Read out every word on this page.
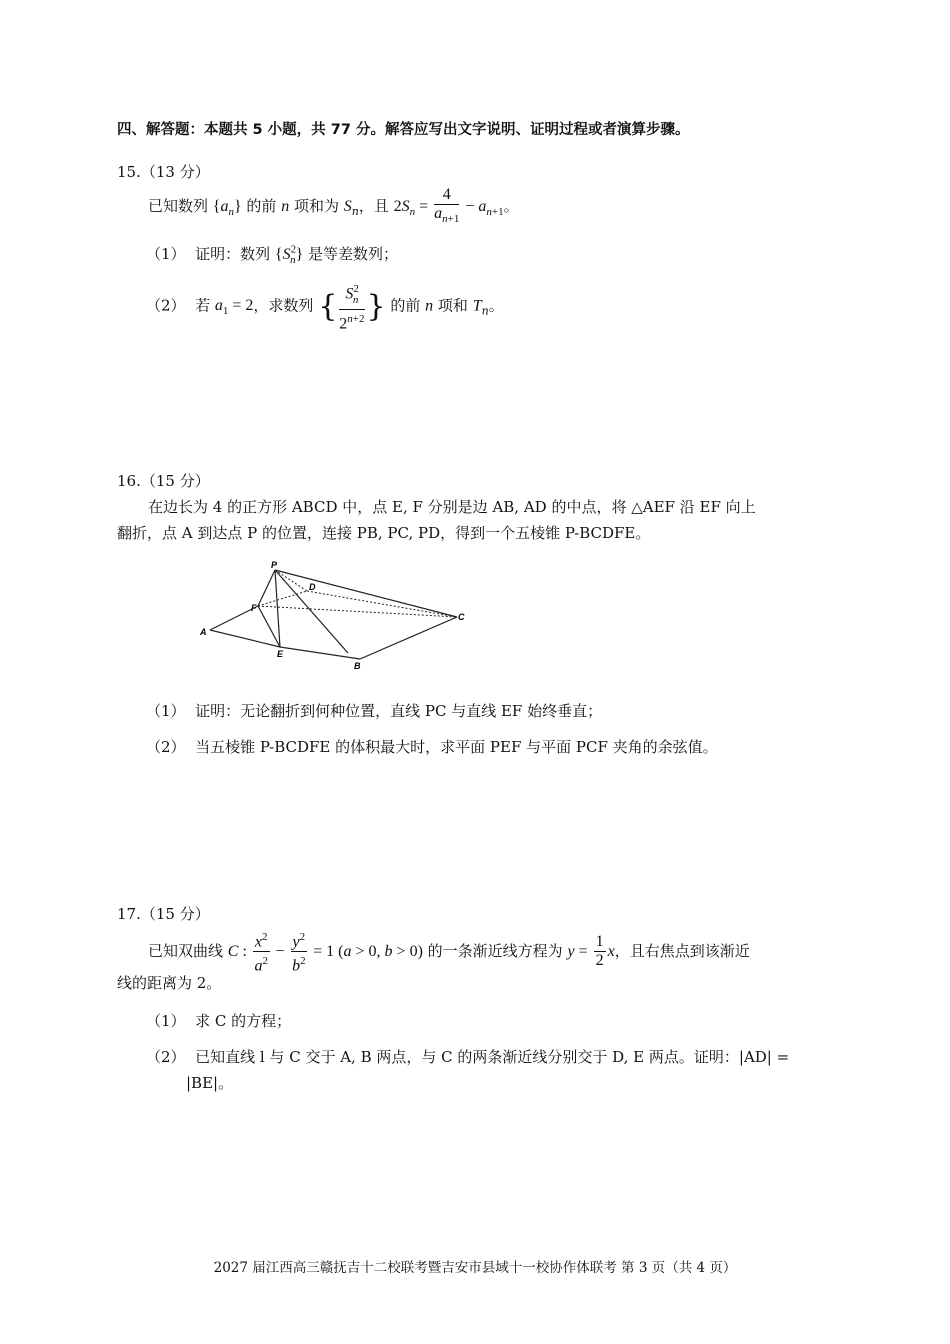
四、解答题：本题共 5 小题，共 77 分。解答应写出文字说明、证明过程或者演算步骤。
15.（13 分）
已知数列 $\{a_n\}$ 的前 n 项和为 $S_n$，且 $2S_n = \frac{4}{a_{n+1}} - a_{n+1}$。
（1） 证明：数列 $\{S^2_n\}$ 是等差数列；
（2） 若 $a_1 = 2$，求数列 { $\frac{S^2_n}{2^{n+2}}$ } 的前 n 项和 $T_n$。
16.（15 分）
在边长为 4 的正方形 ABCD 中，点 E, F 分别是边 AB, AD 的中点，将 △AEF 沿 EF 向上
翻折，点 A 到达点 P 的位置，连接 PB, PC, PD，得到一个五棱锥 P-BCDFE。
P
D
F
C
A
E
B
（1） 证明：无论翻折到何种位置，直线 PC 与直线 EF 始终垂直；
（2） 当五棱锥 P-BCDFE 的体积最大时，求平面 PEF 与平面 PCF 夹角的余弦值。
17.（15 分）
已知双曲线 C : $\frac{x^2}{a^2} - \frac{y^2}{b^2} = 1$ (a > 0, b > 0) 的一条渐近线方程为 $y = \frac{1}{2}$ x，且右焦点到该渐近
线的距离为 2。
（1） 求 C 的方程；
（2） 已知直线 l 与 C 交于 A, B 两点，与 C 的两条渐近线分别交于 D, E 两点。证明：|AD| =
|BE|。
2027 届江西高三赣抚吉十二校联考暨吉安市县域十一校协作体联考 第 3 页（共 4 页）
